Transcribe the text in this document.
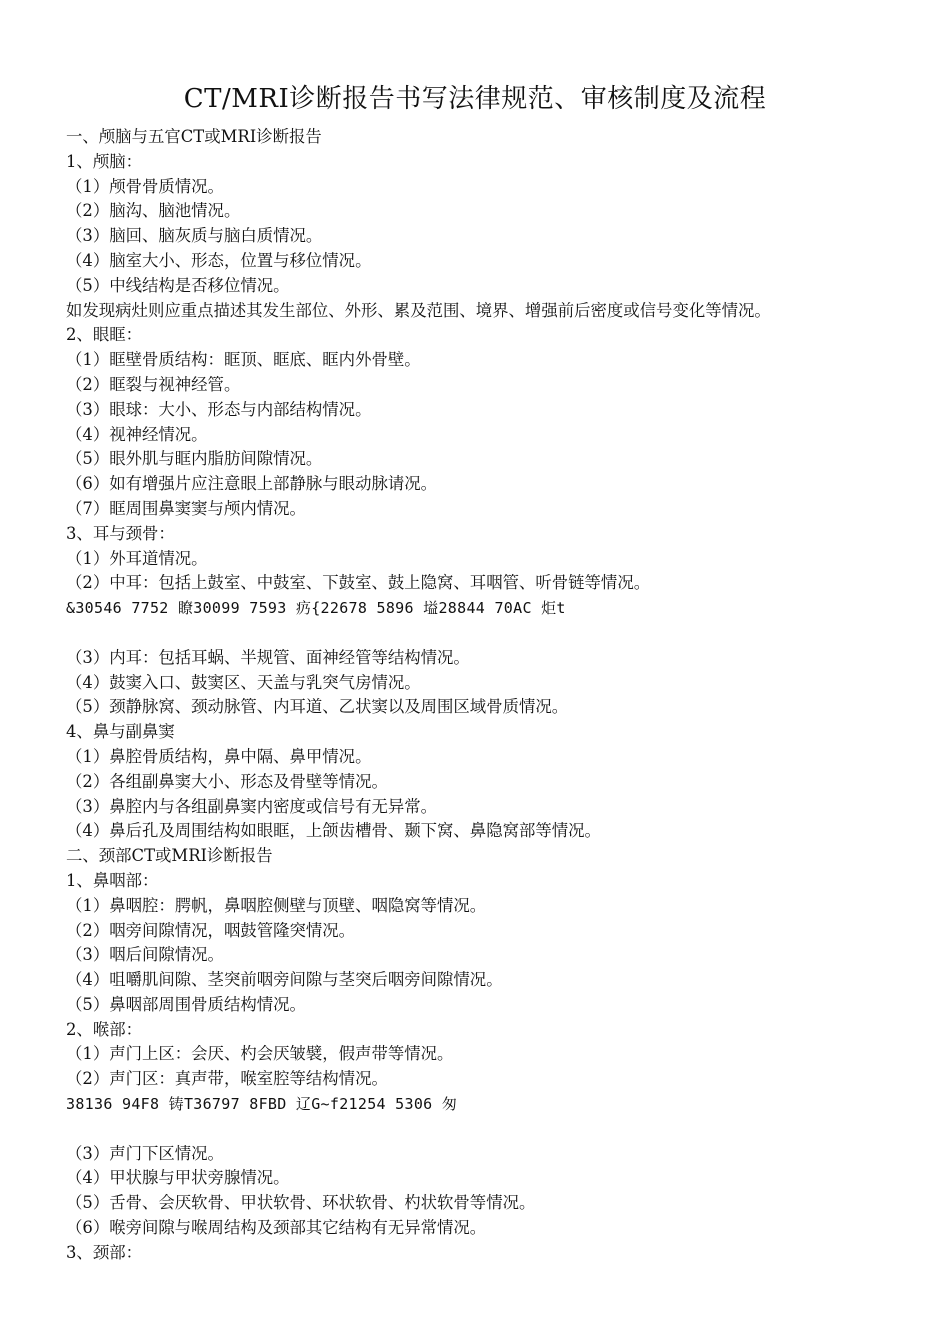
CT/MRI诊断报告书写法律规范、审核制度及流程
一、颅脑与五官CT或MRI诊断报告
1、颅脑：
（1）颅骨骨质情况。
（2）脑沟、脑池情况。
（3）脑回、脑灰质与脑白质情况。
（4）脑室大小、形态，位置与移位情况。
（5）中线结构是否移位情况。
如发现病灶则应重点描述其发生部位、外形、累及范围、境界、增强前后密度或信号变化等情况。
2、眼眶：
（1）眶壁骨质结构：眶顶、眶底、眶内外骨壁。
（2）眶裂与视神经管。
（3）眼球：大小、形态与内部结构情况。
（4）视神经情况。
（5）眼外肌与眶内脂肪间隙情况。
（6）如有增强片应注意眼上部静脉与眼动脉请况。
（7）眶周围鼻窦窦与颅内情况。
3、耳与颈骨：
（1）外耳道情况。
（2）中耳：包括上鼓室、中鼓室、下鼓室、鼓上隐窝、耳咽管、听骨链等情况。
&30546 7752 瞭30099 7593 疓{22678 5896 塧28844 70AC 炬t
（3）内耳：包括耳蜗、半规管、面神经管等结构情况。
（4）鼓窦入口、鼓窦区、天盖与乳突气房情况。
（5）颈静脉窝、颈动脉管、内耳道、乙状窦以及周围区域骨质情况。
4、鼻与副鼻窦
（1）鼻腔骨质结构，鼻中隔、鼻甲情况。
（2）各组副鼻窦大小、形态及骨壁等情况。
（3）鼻腔内与各组副鼻窦内密度或信号有无异常。
（4）鼻后孔及周围结构如眼眶，上颌齿槽骨、颞下窝、鼻隐窝部等情况。
二、颈部CT或MRI诊断报告
1、鼻咽部：
（1）鼻咽腔：腭帆，鼻咽腔侧壁与顶壁、咽隐窝等情况。
（2）咽旁间隙情况，咽鼓管隆突情况。
（3）咽后间隙情况。
（4）咀嚼肌间隙、茎突前咽旁间隙与茎突后咽旁间隙情况。
（5）鼻咽部周围骨质结构情况。
2、喉部：
（1）声门上区：会厌、杓会厌皱襞，假声带等情况。
（2）声门区：真声带，喉室腔等结构情况。
38136 94F8 铸T36797 8FBD 辽G~f21254 5306 匆
（3）声门下区情况。
（4）甲状腺与甲状旁腺情况。
（5）舌骨、会厌软骨、甲状软骨、环状软骨、杓状软骨等情况。
（6）喉旁间隙与喉周结构及颈部其它结构有无异常情况。
3、颈部：
